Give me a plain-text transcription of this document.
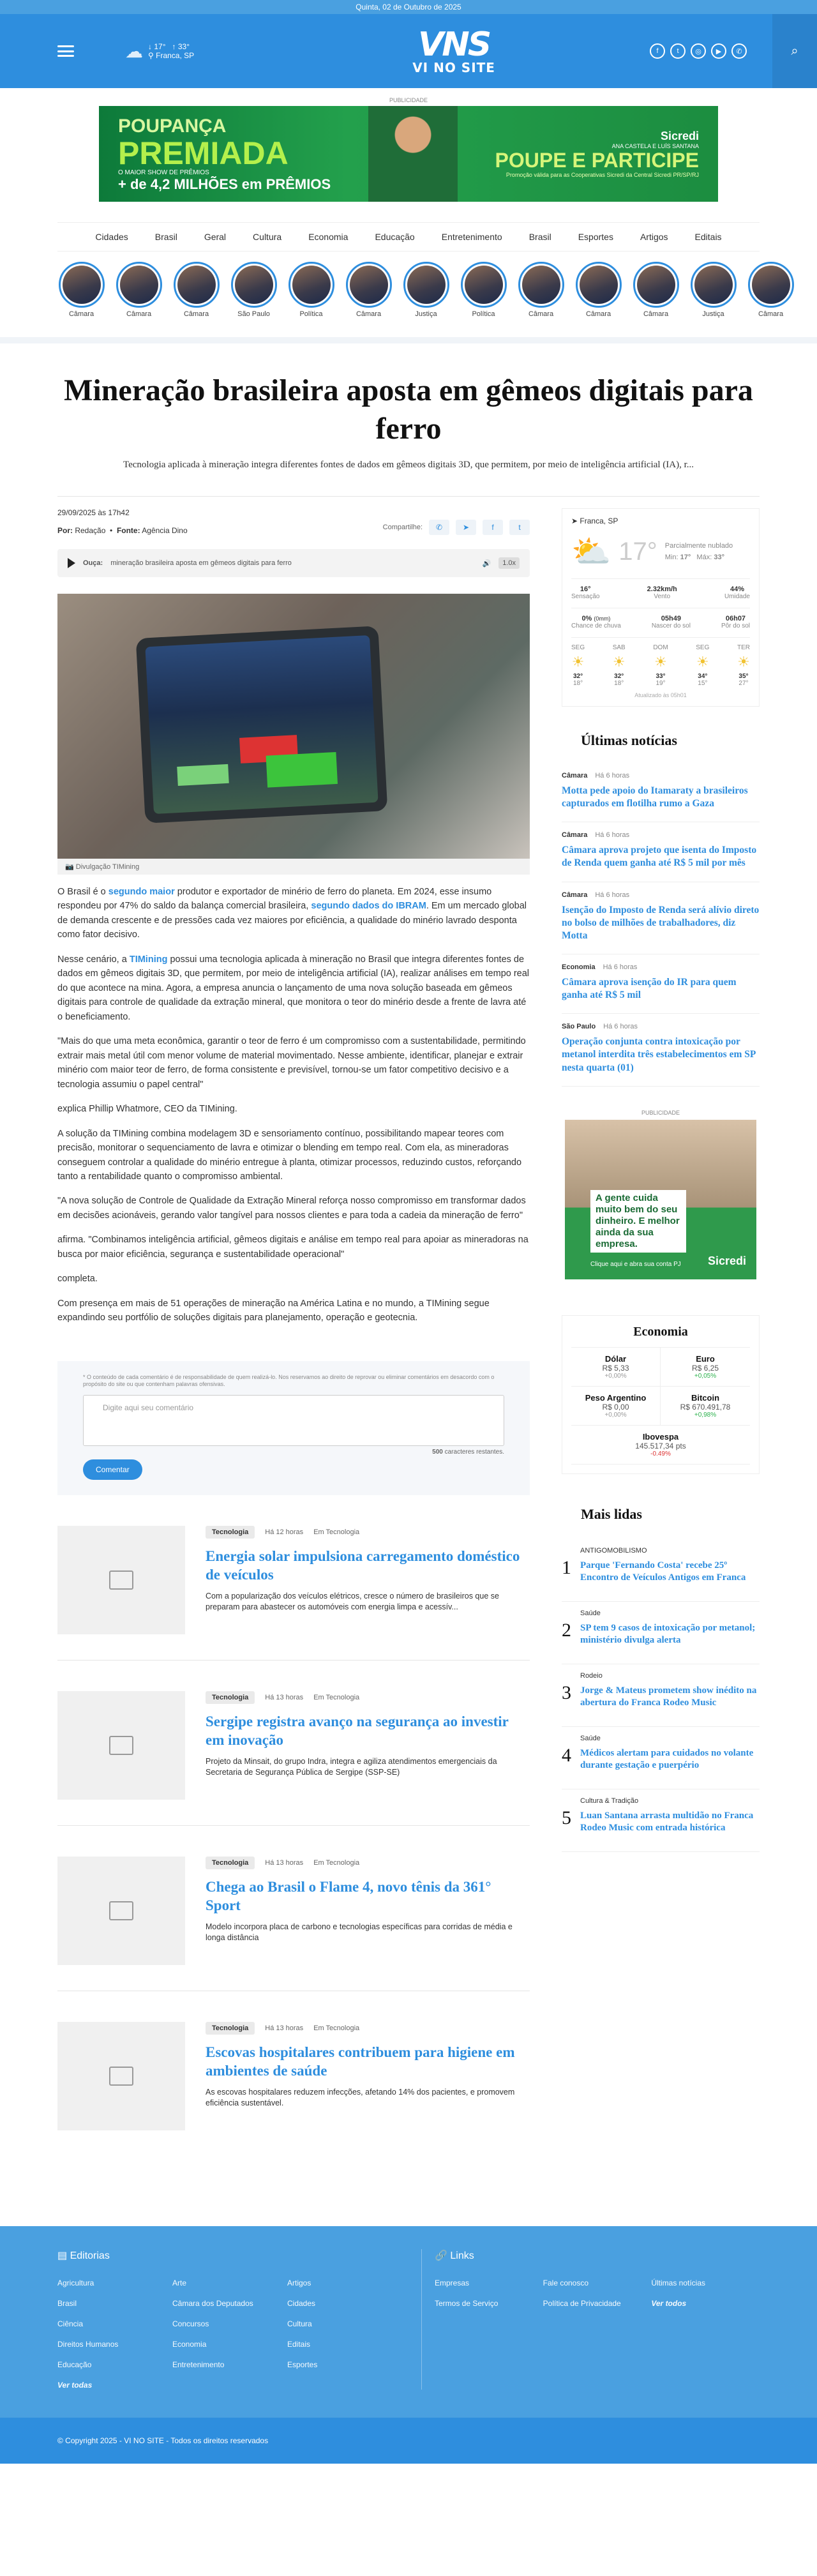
Quinta, 02 de Outubro de 2025
☁ ↓ 17°   ↑ 33°
⚲ Franca, SP	VNS
VI NO SITE
f	t	◎	▶	✆	⌕
PUBLICIDADE
POUPANÇA
PREMIADA
O MAIOR SHOW DE PRÊMIOS
+ de 4,2 MILHÕES em PRÊMIOS
Sicredi
ANA CASTELA E LUÍS SANTANA
POUPE E PARTICIPE
Promoção válida para as Cooperativas Sicredi da Central Sicredi PR/SP/RJ
Cidades	Brasil	Geral	Cultura	Economia	Educação	Entretenimento	Brasil	Esportes	Artigos	Editais
Câmara	Câmara	Câmara	São Paulo	Política	Câmara	Justiça	Política	Câmara	Câmara	Câmara	Justiça	Câmara
Mineração brasileira aposta em gêmeos digitais para ferro
Tecnologia aplicada à mineração integra diferentes fontes de dados em gêmeos digitais 3D, que permitem, por meio de inteligência artificial (IA), r...
29/09/2025 às 17h42
Por: Redação  •  Fonte: Agência Dino	Compartilhe:	✆	➤	f	t
Ouça: mineração brasileira aposta em gêmeos digitais para ferro	🔊	1.0x
📷 Divulgação TIMining

O Brasil é o segundo maior produtor e exportador de minério de ferro do planeta. Em 2024, esse insumo respondeu por 47% do saldo da balança comercial brasileira, segundo dados do IBRAM. Em um mercado global de demanda crescente e de pressões cada vez maiores por eficiência, a qualidade do minério lavrado desponta como fator decisivo.

Nesse cenário, a TIMining possui uma tecnologia aplicada à mineração no Brasil que integra diferentes fontes de dados em gêmeos digitais 3D, que permitem, por meio de inteligência artificial (IA), realizar análises em tempo real do que acontece na mina. Agora, a empresa anuncia o lançamento de uma nova solução baseada em gêmeos digitais para controle de qualidade da extração mineral, que monitora o teor do minério desde a frente de lavra até o beneficiamento.

"Mais do que uma meta econômica, garantir o teor de ferro é um compromisso com a sustentabilidade, permitindo extrair mais metal útil com menor volume de material movimentado. Nesse ambiente, identificar, planejar e extrair minério com maior teor de ferro, de forma consistente e previsível, tornou-se um fator competitivo decisivo e a tecnologia assumiu o papel central"

explica Phillip Whatmore, CEO da TIMining.

A solução da TIMining combina modelagem 3D e sensoriamento contínuo, possibilitando mapear teores com precisão, monitorar o sequenciamento de lavra e otimizar o blending em tempo real. Com ela, as mineradoras conseguem controlar a qualidade do minério entregue à planta, otimizar processos, reduzindo custos, reforçando tanto a rentabilidade quanto o compromisso ambiental.

"A nova solução de Controle de Qualidade da Extração Mineral reforça nosso compromisso em transformar dados em decisões acionáveis, gerando valor tangível para nossos clientes e para toda a cadeia da mineração de ferro"

afirma. "Combinamos inteligência artificial, gêmeos digitais e análise em tempo real para apoiar as mineradoras na busca por maior eficiência, segurança e sustentabilidade operacional"

completa.

Com presença em mais de 51 operações de mineração na América Latina e no mundo, a TIMining segue expandindo seu portfólio de soluções digitais para planejamento, operação e geotecnia.

* O conteúdo de cada comentário é de responsabilidade de quem realizá-lo. Nos reservamos ao direito de reprovar ou eliminar comentários em desacordo com o propósito do site ou que contenham palavras ofensivas.
Digite aqui seu comentário
500 caracteres restantes.
Comentar
Tecnologia	Há 12 horas Em Tecnologia
Energia solar impulsiona carregamento doméstico de veículos

Com a popularização dos veículos elétricos, cresce o número de brasileiros que se preparam para abastecer os automóveis com energia limpa e acessív...

Tecnologia	Há 13 horas Em Tecnologia
Sergipe registra avanço na segurança ao investir em inovação

Projeto da Minsait, do grupo Indra, integra e agiliza atendimentos emergenciais da Secretaria de Segurança Pública de Sergipe (SSP-SE)

Tecnologia	Há 13 horas Em Tecnologia
Chega ao Brasil o Flame 4, novo tênis da 361° Sport

Modelo incorpora placa de carbono e tecnologias específicas para corridas de média e longa distância

Tecnologia	Há 13 horas Em Tecnologia
Escovas hospitalares contribuem para higiene em ambientes de saúde

As escovas hospitalares reduzem infecções, afetando 14% dos pacientes, e promovem eficiência sustentável.

➤ Franca, SP
⛅ 17° Parcialmente nublado
Min: 17° Máx: 33°
16°
Sensação
2.32km/h
Vento
44%
Umidade
0% (0mm)
Chance de chuva
05h49
Nascer do sol
06h07
Pôr do sol
SEG
☀
32°
18°
SAB
☀
32°
18°
DOM
☀
33°
19°
SEG
☀
34°
15°
TER
☀
35°
27°
Atualizado às 05h01
Últimas notícias
Câmara Há 6 horas
Motta pede apoio do Itamaraty a brasileiros capturados em flotilha rumo a Gaza
Câmara Há 6 horas
Câmara aprova projeto que isenta do Imposto de Renda quem ganha até R$ 5 mil por mês
Câmara Há 6 horas
Isenção do Imposto de Renda será alívio direto no bolso de milhões de trabalhadores, diz Motta
Economia Há 6 horas
Câmara aprova isenção do IR para quem ganha até R$ 5 mil
São Paulo Há 6 horas
Operação conjunta contra intoxicação por metanol interdita três estabelecimentos em SP nesta quarta (01)
PUBLICIDADE
A gente cuida muito bem do seu dinheiro. E melhor ainda da sua empresa.
Clique aqui e abra sua conta PJ Sicredi
Economia
Dólar
R$ 5,33
+0,00%
Euro
R$ 6,25
+0,05%
Peso Argentino
R$ 0,00
+0,00%
Bitcoin
R$ 670.491,78
+0,98%
Ibovespa
145.517,34 pts
-0.49%
Mais lidas
1
ANTIGOMOBILISMO
Parque 'Fernando Costa' recebe 25º Encontro de Veículos Antigos em Franca
2
Saúde
SP tem 9 casos de intoxicação por metanol; ministério divulga alerta
3
Rodeio
Jorge & Mateus prometem show inédito na abertura do Franca Rodeo Music
4
Saúde
Médicos alertam para cuidados no volante durante gestação e puerpério
5
Cultura & Tradição
Luan Santana arrasta multidão no Franca Rodeo Music com entrada histórica
▤ Editorias
Agricultura	Arte	Artigos
Brasil	Câmara dos Deputados	Cidades
Ciência	Concursos	Cultura
Direitos Humanos	Economia	Editais
Educação	Entretenimento	Esportes
Ver todas
🔗 Links
Empresas	Fale conosco	Últimas notícias
Termos de Serviço	Política de Privacidade	Ver todos
© Copyright 2025 - VI NO SITE - Todos os direitos reservados
